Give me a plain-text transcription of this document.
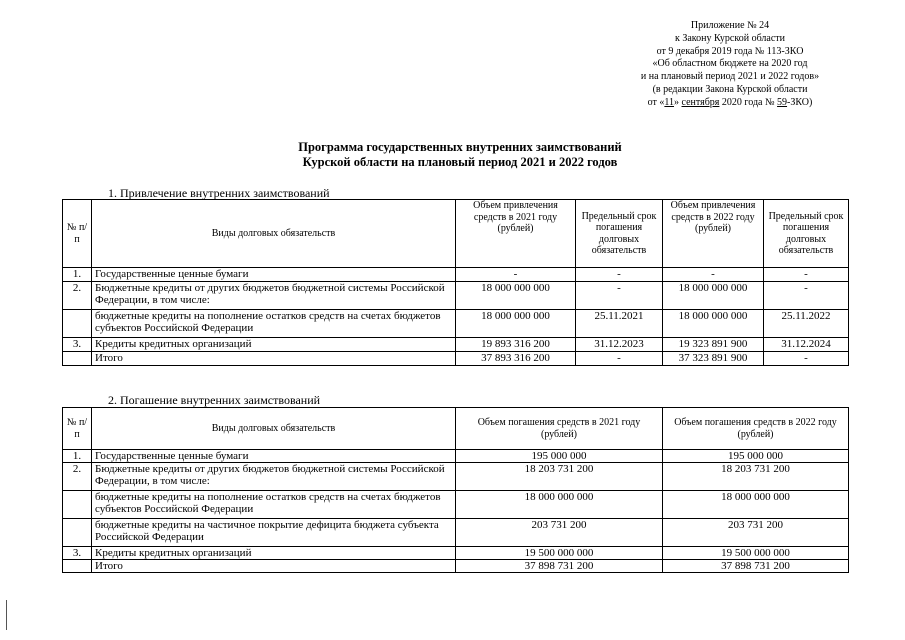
Приложение № 24
к Закону Курской области
от 9 декабря 2019 года № 113-ЗКО
«Об областном бюджете на 2020 год
и на плановый период 2021 и 2022 годов»
(в редакции Закона Курской области
от «11» сентября 2020 года № 59-ЗКО)
Программа государственных внутренних заимствований
Курской области на плановый период 2021 и 2022 годов
1. Привлечение внутренних заимствований
№ п/п	Виды долговых обязательств	Объем привлечения средств в 2021 году (рублей)	Предельный срок погашения долговых обязательств	Объем привлечения средств в 2022 году (рублей)	Предельный срок погашения долговых обязательств
1.	Государственные ценные бумаги	-	-	-	-
2.	Бюджетные кредиты от других бюджетов бюджетной системы Российской Федерации, в том числе:	18 000 000 000	-	18 000 000 000	-
	бюджетные кредиты на пополнение остатков средств на счетах бюджетов субъектов Российской Федерации	18 000 000 000	25.11.2021	18 000 000 000	25.11.2022
3.	Кредиты кредитных организаций	19 893 316 200	31.12.2023	19 323 891 900	31.12.2024
	Итого	37 893 316 200	-	37 323 891 900	-
2. Погашение внутренних заимствований
№ п/п	Виды долговых обязательств	Объем погашения средств в 2021 году (рублей)	Объем погашения средств в 2022 году (рублей)
1.	Государственные ценные бумаги	195 000 000	195 000 000
2.	Бюджетные кредиты от других бюджетов бюджетной системы Российской Федерации, в том числе:	18 203 731 200	18 203 731 200
	бюджетные кредиты на пополнение остатков средств на счетах бюджетов субъектов Российской Федерации	18 000 000 000	18 000 000 000
	бюджетные кредиты на частичное покрытие дефицита бюджета субъекта Российской Федерации	203 731 200	203 731 200
3.	Кредиты кредитных организаций	19 500 000 000	19 500 000 000
	Итого	37 898 731 200	37 898 731 200
